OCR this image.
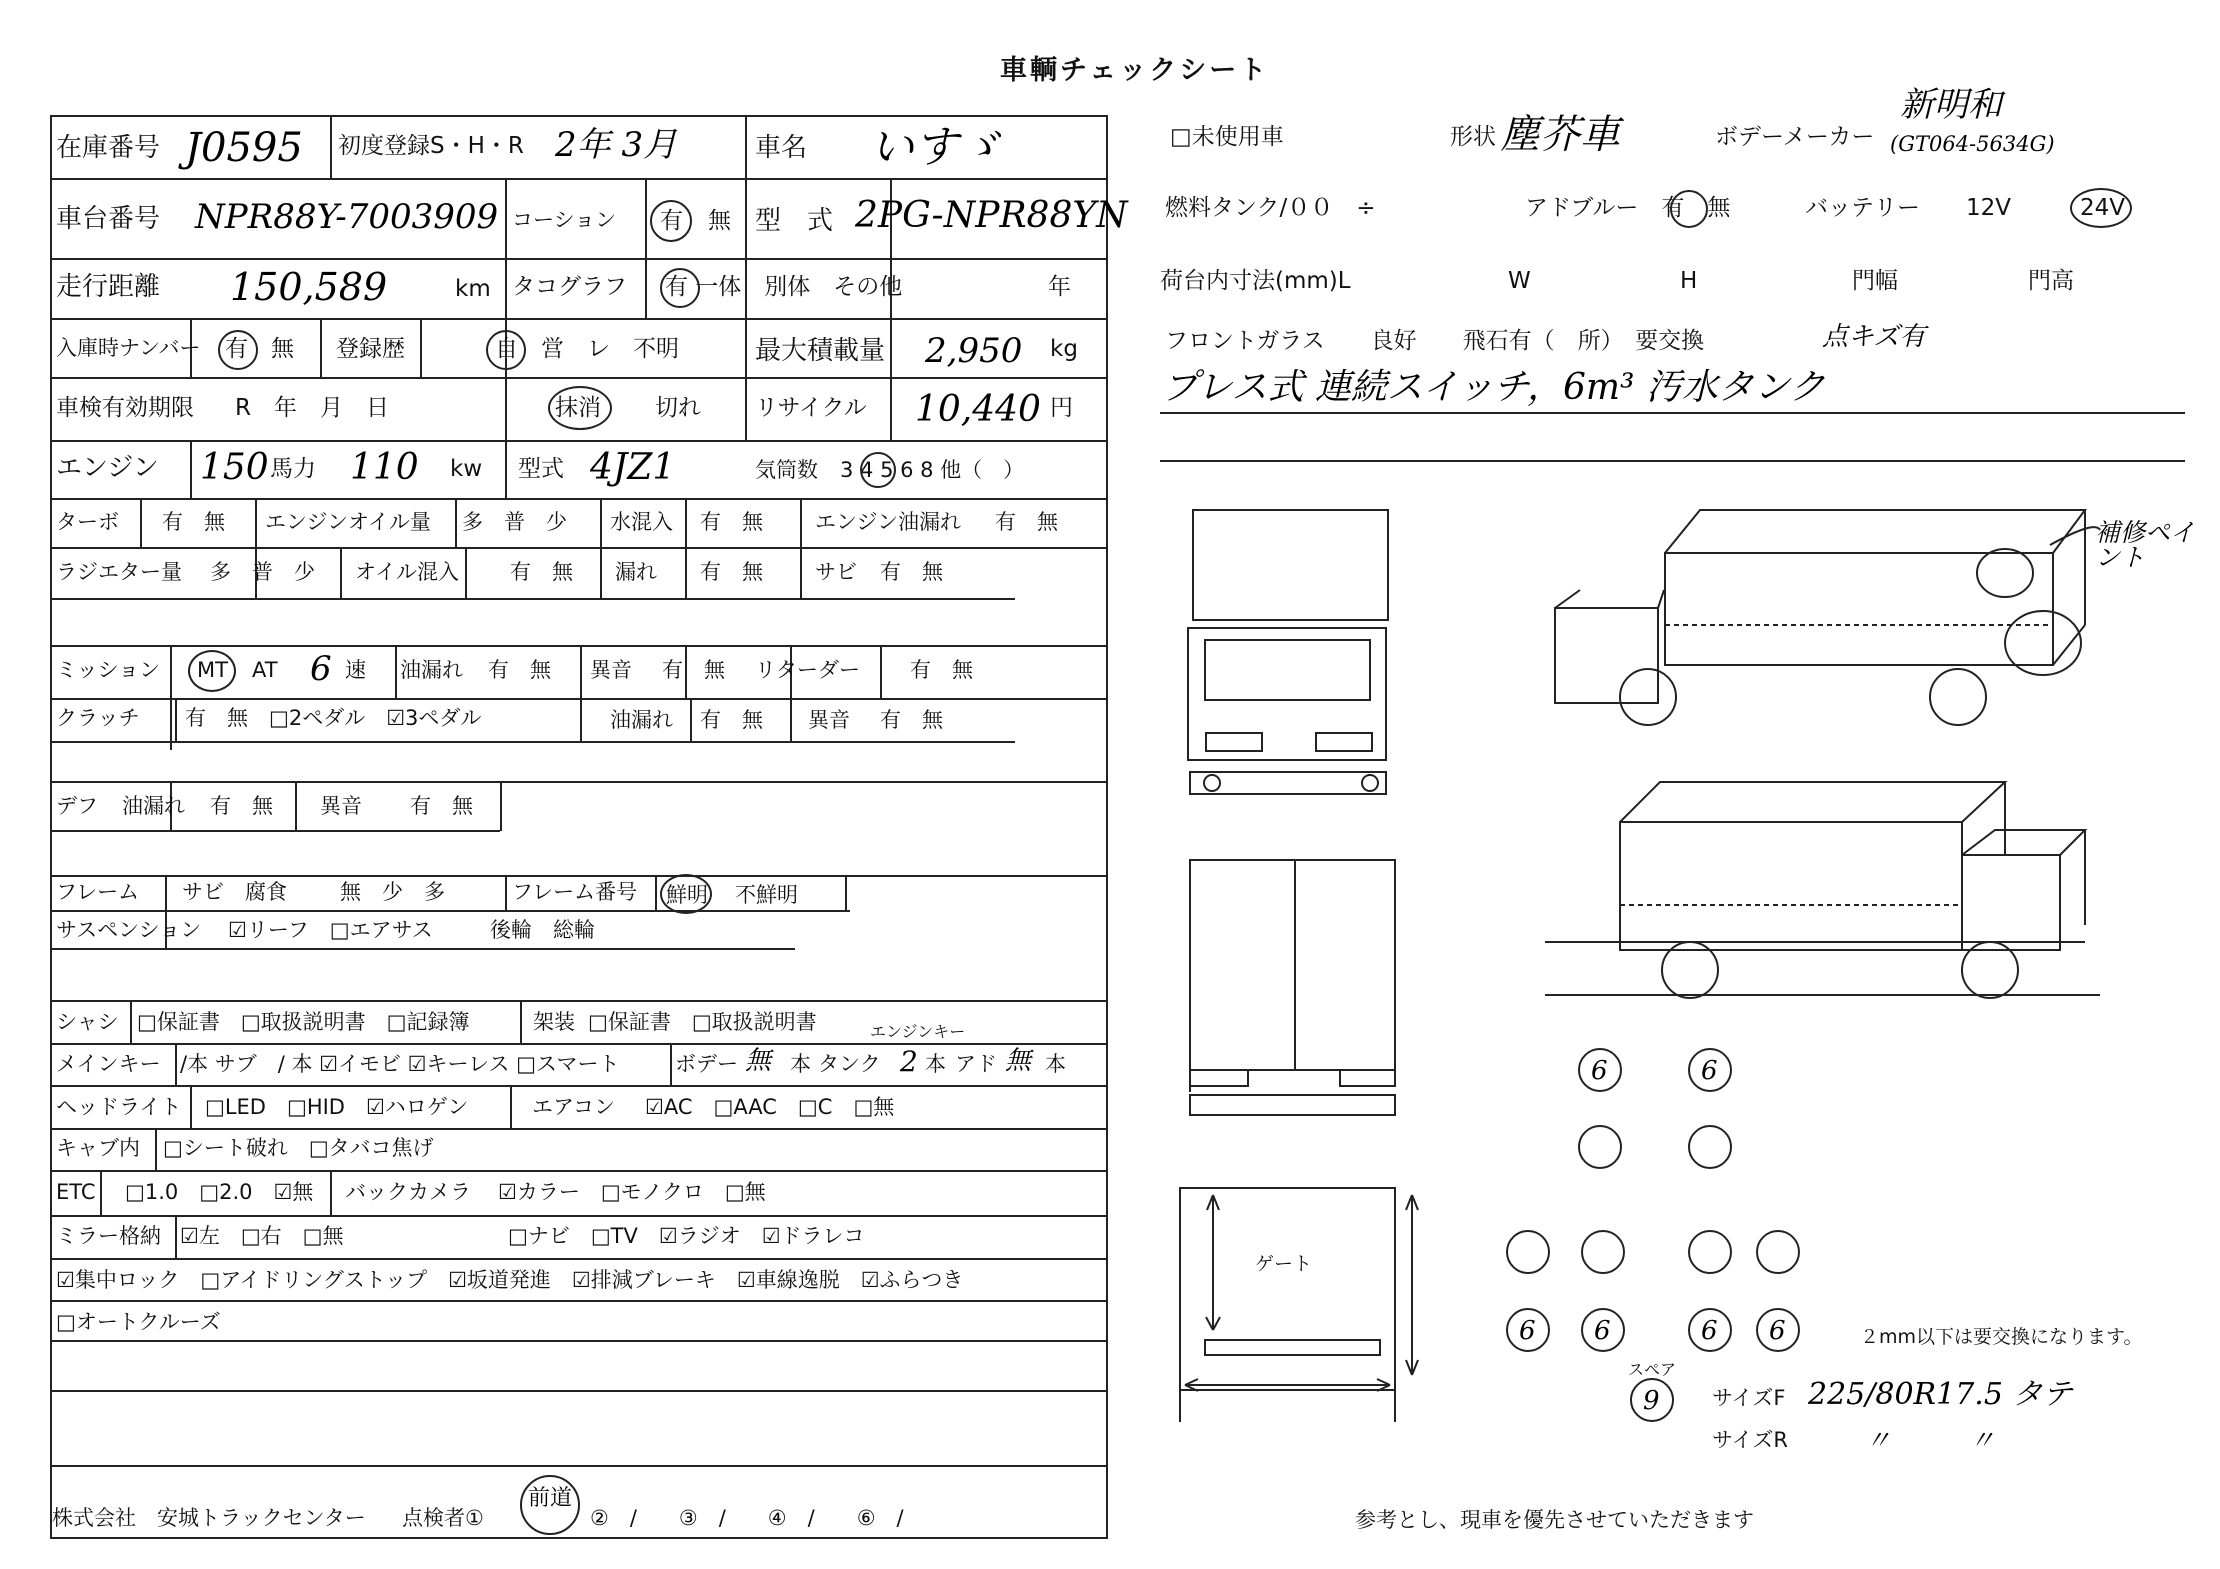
車輌チェックシート
在庫番号 J0595 初度登録S・H・R 2年 3月	車名 いすゞ
車台番号 NPR88Y-7003909 コーション 有 無 型　式 2PG-NPR88YN
走行距離 150,589	km タコグラフ 有 一体　別体　その他	年
入庫時ナンバー 有　無 登録歴	自　営　レ　不明	最大積載量 2,950 kg
車検有効期限 R　年　月　日	抹消 切れ リサイクル 10,440 円
エンジン 150 馬力 110 kw 型式 4JZ1	気筒数 3 4 5 6 8 他（　）
ターボ 有　無 エンジンオイル量 多　普　少 水混入 有　無 エンジン油漏れ 有　無
ラジエター量 多　普　少 オイル混入 有　無 漏れ 有　無 サビ 有　無
ミッション MT AT 6 速 油漏れ 有　無 異音 有　無 リターダー 有　無
クラッチ 有　無　□2ペダル　☑3ペダル	油漏れ 有　無 異音 有　無
デフ 油漏れ 有　無 異音 有　無
フレーム サビ　腐食	無　少　多	フレーム番号 鮮明 不鮮明
サスペンション ☑リーフ　□エアサス	後輪　総輪
シャシ □保証書　□取扱説明書　□記録簿	架装 □保証書　□取扱説明書	エンジンキー
メインキー /本 サブ　/ 本 ☑イモビ ☑キーレス □スマート	ボデー 無 本 タンク 2 本 アド 無 本
ヘッドライト □LED　□HID　☑ハロゲン	エアコン ☑AC　□AAC　□C　□無
キャブ内 □シート破れ　□タバコ焦げ
ETC □1.0　□2.0　☑無 バックカメラ ☑カラー　□モノクロ　□無
ミラー格納 ☑左　□右　□無	□ナビ　□TV　☑ラジオ　☑ドラレコ
☑集中ロック　□アイドリングストップ　☑坂道発進　☑排減ブレーキ　☑車線逸脱　☑ふらつき
□オートクルーズ
株式会社　安城トラックセンター 点検者①
前道
②　/　　③　/　　④　/　　⑥　/
□未使用車	形状 塵芥車	ボデーメーカー
新明和
(GT064-5634G)
燃料タンク/００　÷	アドブルー　有　無	バッテリー　　12V	24V
荷台内寸法(mm)L	W	H	門幅	門高
フロントガラス　　良好　　飛石有（　所）　要交換	点キズ有
プレス式 連続スイッチ，6m³ 汚水タンク
補修ペイント
ゲート
6	6
6 6	6 6
スペア
9
２mm以下は要交換になります。
サイズF 225/80R17.5 タテ
サイズR	〃　　　〃
参考とし、現車を優先させていただきます
